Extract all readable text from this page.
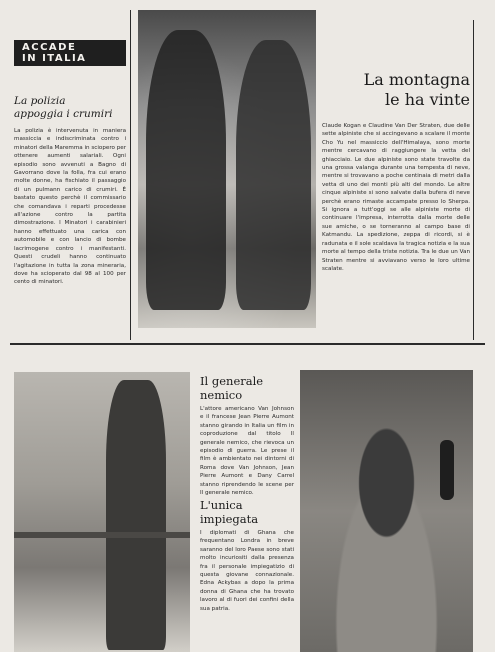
ACCADE
IN ITALIA

La polizia
appoggia i crumiri

La polizia è intervenuta in maniera massiccia e indiscriminata contro i minatori della Maremma in sciopero per ottenere aumenti salariali. Ogni episodio sono avvenuti a Bagno di Gavorrano dove la folla, fra cui erano molte donne, ha fischiato il passaggio di un pulmann carico di crumiri. È bastato questo perchè il commissario che comandava i reparti procedesse all'azione contro la partita dimostrazione. I Minatori i carabinieri hanno effettuato una carica con automobile e con lancio di bombe lacrimogene contro i manifestanti. Questi crudeli hanno continuato l'agitazione in tutta la zona mineraria, dove ha scioperato dal 98 al 100 per cento di minatori.

La montagna
le ha vinte

Claude Kogan e Claudine Van Der Straten, due delle sette alpiniste che si accingevano a scalare il monte Cho Yu nel massiccio dell'Himalaya, sono morte mentre cercavano di raggiungere la vetta del ghiacciaio. Le due alpiniste sono state travolte da una grossa valanga durante una tempesta di neve, mentre si trovavano a poche centinaia di metri dalla vetta di uno dei monti più alti del mondo. Le altre cinque alpiniste si sono salvate dalla bufera di neve perchè erano rimaste accampate presso lo Sherpa. Si ignora a tutt'oggi se alle alpiniste morte di continuare l'impresa, interrotta dalla morte delle sue amiche, o se torneranno al campo base di Katmandu. La spedizione, zeppa di ricordi, si è radunata e il sole scaldava la tragica notizia e la sua morte al tempo della triste notizia. Tra le due un Van Straten mentre si avviavano verso le loro ultime scalate.

Il generale nemico

L'attore americano Van Johnson e il francese Jean Pierre Aumont stanno girando in Italia un film in coproduzione dal titolo Il generale nemico, che rievoca un episodio di guerra. Le prese il film è ambientato nei dintorni di Roma dove Van Johnson, Jean Pierre Aumont e Dany Carrel stanno riprendendo le scene per Il generale nemico.

L'unica impiegata

I diplomati di Ghana che frequentano Londra in breve saranno del loro Paese sono stati molto incuriositi dalla presenza fra il personale impiegatizio di questa giovane connazionale. Edna Ackybas a dopo la prima donna di Ghana che ha trovato lavoro al di fuori dei confini della sua patria.
